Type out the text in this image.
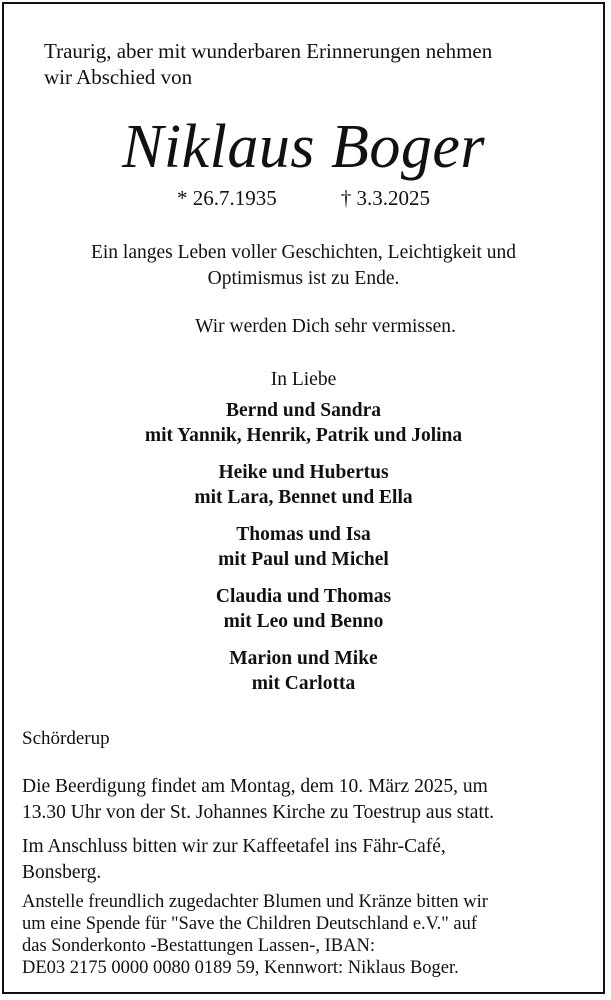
Traurig, aber mit wunderbaren Erinnerungen nehmen
wir Abschied von
Niklaus Boger
* 26.7.1935	† 3.3.2025
Ein langes Leben voller Geschichten, Leichtigkeit und
Optimismus ist zu Ende.
Wir werden Dich sehr vermissen.
In Liebe
Bernd und Sandra
mit Yannik, Henrik, Patrik und Jolina
Heike und Hubertus
mit Lara, Bennet und Ella
Thomas und Isa
mit Paul und Michel
Claudia und Thomas
mit Leo und Benno
Marion und Mike
mit Carlotta
Schörderup
Die Beerdigung findet am Montag, dem 10. März 2025, um
13.30 Uhr von der St. Johannes Kirche zu Toestrup aus statt.
Im Anschluss bitten wir zur Kaffeetafel ins Fähr-Café,
Bonsberg.
Anstelle freundlich zugedachter Blumen und Kränze bitten wir
um eine Spende für "Save the Children Deutschland e.V." auf
das Sonderkonto -Bestattungen Lassen-, IBAN:
DE03 2175 0000 0080 0189 59, Kennwort: Niklaus Boger.
